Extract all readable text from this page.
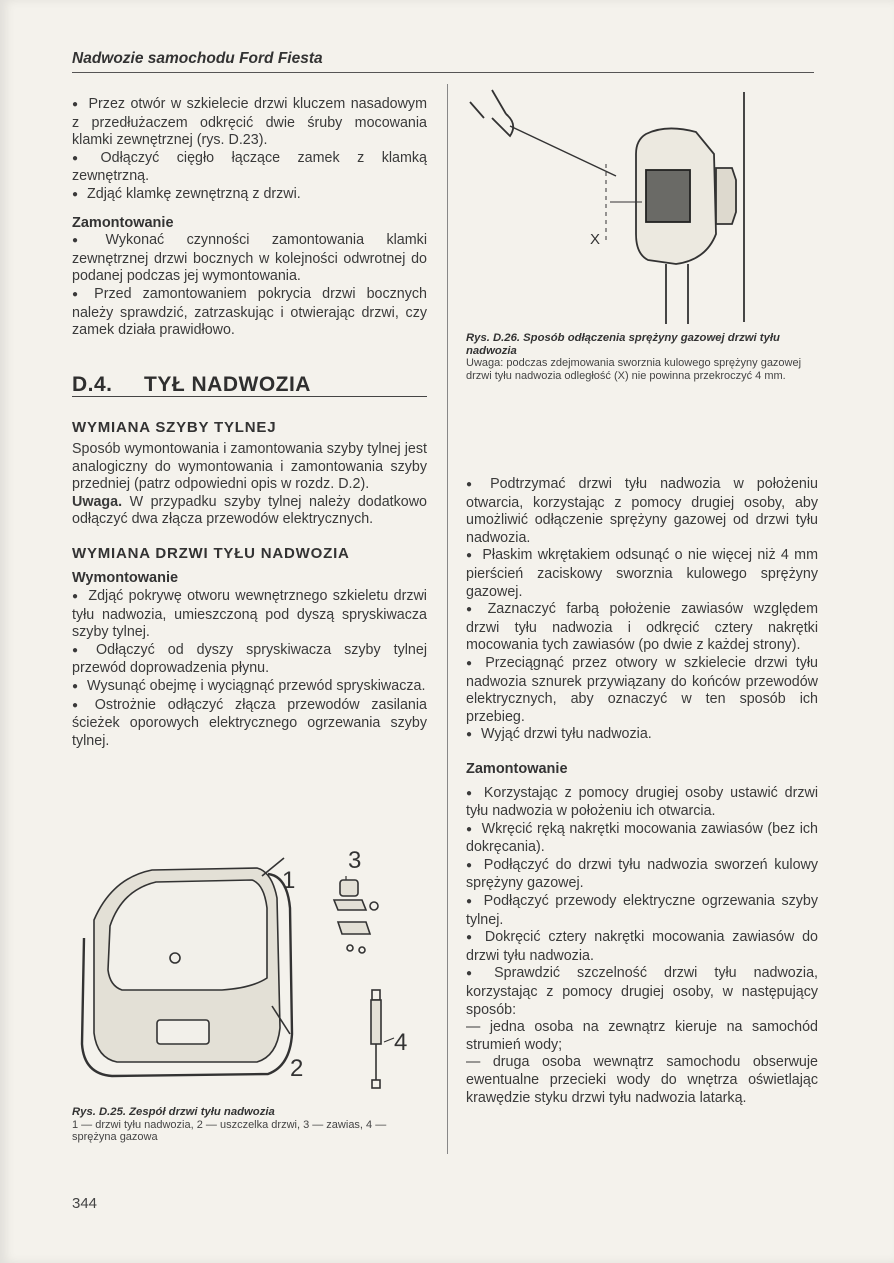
Nadwozie samochodu Ford Fiesta

● Przez otwór w szkielecie drzwi kluczem nasadowym z przedłużaczem odkręcić dwie śruby mocowania klamki zewnętrznej (rys. D.23).

● Odłączyć cięgło łączące zamek z klamką zewnętrzną.

● Zdjąć klamkę zewnętrzną z drzwi.

Zamontowanie

● Wykonać czynności zamontowania klamki zewnętrznej drzwi bocznych w kolejności odwrotnej do podanej podczas jej wymontowania.

● Przed zamontowaniem pokrycia drzwi bocznych należy sprawdzić, zatrzaskując i otwierając drzwi, czy zamek działa prawidłowo.

D.4. TYŁ NADWOZIA
WYMIANA SZYBY TYLNEJ

Sposób wymontowania i zamontowania szyby tylnej jest analogiczny do wymontowania i zamontowania szyby przedniej (patrz odpowiedni opis w rozdz. D.2).

Uwaga. W przypadku szyby tylnej należy dodatkowo odłączyć dwa złącza przewodów elektrycznych.

WYMIANA DRZWI TYŁU NADWOZIA
Wymontowanie

● Zdjąć pokrywę otworu wewnętrznego szkieletu drzwi tyłu nadwozia, umieszczoną pod dyszą spryskiwacza szyby tylnej.

● Odłączyć od dyszy spryskiwacza szyby tylnej przewód doprowadzenia płynu.

● Wysunąć obejmę i wyciągnąć przewód spryskiwacza.

● Ostrożnie odłączyć złącza przewodów zasilania ścieżek oporowych elektrycznego ogrzewania szyby tylnej.

1
2
3
4
Rys. D.25. Zespół drzwi tyłu nadwozia
1 — drzwi tyłu nadwozia, 2 — uszczelka drzwi, 3 — zawias, 4 — sprężyna gazowa
X
Rys. D.26. Sposób odłączenia sprężyny gazowej drzwi tyłu nadwozia
Uwaga: podczas zdejmowania sworznia kulowego sprężyny gazowej drzwi tyłu nadwozia odległość (X) nie powinna przekroczyć 4 mm.

● Podtrzymać drzwi tyłu nadwozia w położeniu otwarcia, korzystając z pomocy drugiej osoby, aby umożliwić odłączenie sprężyny gazowej od drzwi tyłu nadwozia.

● Płaskim wkrętakiem odsunąć o nie więcej niż 4 mm pierścień zaciskowy sworznia kulowego sprężyny gazowej.

● Zaznaczyć farbą położenie zawiasów względem drzwi tyłu nadwozia i odkręcić cztery nakrętki mocowania tych zawiasów (po dwie z każdej strony).

● Przeciągnąć przez otwory w szkielecie drzwi tyłu nadwozia sznurek przywiązany do końców przewodów elektrycznych, aby oznaczyć w ten sposób ich przebieg.

● Wyjąć drzwi tyłu nadwozia.

Zamontowanie

● Korzystając z pomocy drugiej osoby ustawić drzwi tyłu nadwozia w położeniu ich otwarcia.

● Wkręcić ręką nakrętki mocowania zawiasów (bez ich dokręcania).

● Podłączyć do drzwi tyłu nadwozia sworzeń kulowy sprężyny gazowej.

● Podłączyć przewody elektryczne ogrzewania szyby tylnej.

● Dokręcić cztery nakrętki mocowania zawiasów do drzwi tyłu nadwozia.

● Sprawdzić szczelność drzwi tyłu nadwozia, korzystając z pomocy drugiej osoby, w następujący sposób:

— jedna osoba na zewnątrz kieruje na samochód strumień wody;

— druga osoba wewnątrz samochodu obserwuje ewentualne przecieki wody do wnętrza oświetlając krawędzie styku drzwi tyłu nadwozia latarką.

344
